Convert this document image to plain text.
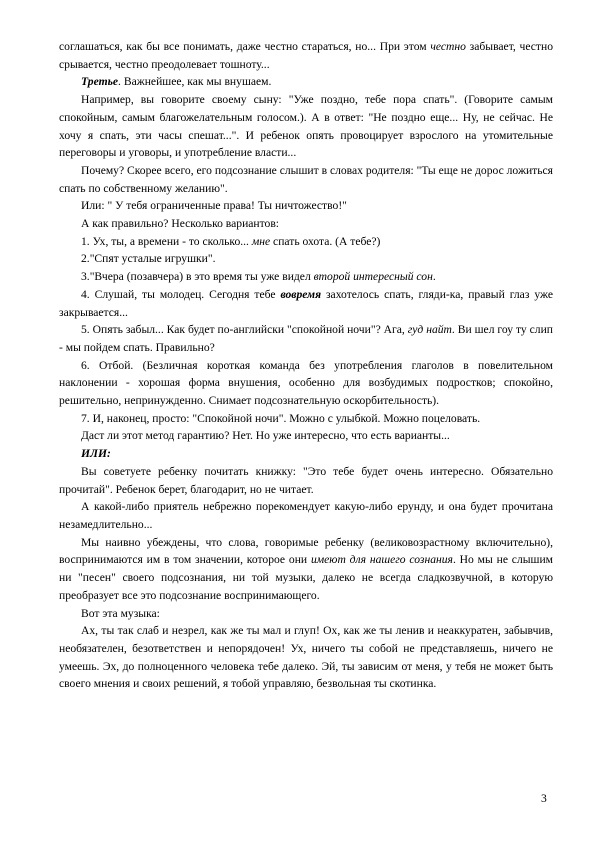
соглашаться, как бы все понимать, даже честно стараться, но... При этом честно забывает, честно срывается, честно преодолевает тошноту...

Третье. Важнейшее, как мы внушаем.

Например, вы говорите своему сыну: "Уже поздно, тебе пора спать". (Говорите самым спокойным, самым благожелательным голосом.). А в ответ: "Не поздно еще... Ну, не сейчас. Не хочу я спать, эти часы спешат...". И ребенок опять провоцирует взрослого на утомительные переговоры и уговоры, и употребление власти...

Почему? Скорее всего, его подсознание слышит в словах родителя: "Ты еще не дорос ложиться спать по собственному желанию".

Или: " У тебя ограниченные права! Ты ничтожество!"

А как правильно? Несколько вариантов:

1. Ух, ты, а времени - то сколько... мне спать охота. (А тебе?)

2."Спят усталые игрушки".

3."Вчера (позавчера) в это время ты уже видел второй интересный сон.

4. Слушай, ты молодец. Сегодня тебе вовремя захотелось спать, гляди-ка, правый глаз уже закрывается...

5. Опять забыл... Как будет по-английски "спокойной ночи"? Ага, гуд найт. Ви шел гоу ту слип - мы пойдем спать. Правильно?

6. Отбой. (Безличная короткая команда без употребления глаголов в повелительном наклонении - хорошая форма внушения, особенно для возбудимых подростков; спокойно, решительно, непринужденно. Снимает подсознательную оскорбительность).

7. И, наконец, просто: "Спокойной ночи". Можно с улыбкой. Можно поцеловать.

Даст ли этот метод гарантию? Нет. Но уже интересно, что есть варианты...

ИЛИ:

Вы советуете ребенку почитать книжку: "Это тебе будет очень интересно. Обязательно прочитай". Ребенок берет, благодарит, но не читает.

А какой-либо приятель небрежно порекомендует какую-либо ерунду, и она будет прочитана незамедлительно...

Мы наивно убеждены, что слова, говоримые ребенку (великовозрастному включительно), воспринимаются им в том значении, которое они имеют для нашего сознания. Но мы не слышим ни "песен" своего подсознания, ни той музыки, далеко не всегда сладкозвучной, в которую преобразует все это подсознание воспринимающего.

Вот эта музыка:

Ах, ты так слаб и незрел, как же ты мал и глуп! Ох, как же ты ленив и неаккуратен, забывчив, необязателен, безответствен и непорядочен! Ух, ничего ты собой не представляешь, ничего не умеешь. Эх, до полноценного человека тебе далеко. Эй, ты зависим от меня, у тебя не может быть своего мнения и своих решений, я тобой управляю, безвольная ты скотинка.

3
